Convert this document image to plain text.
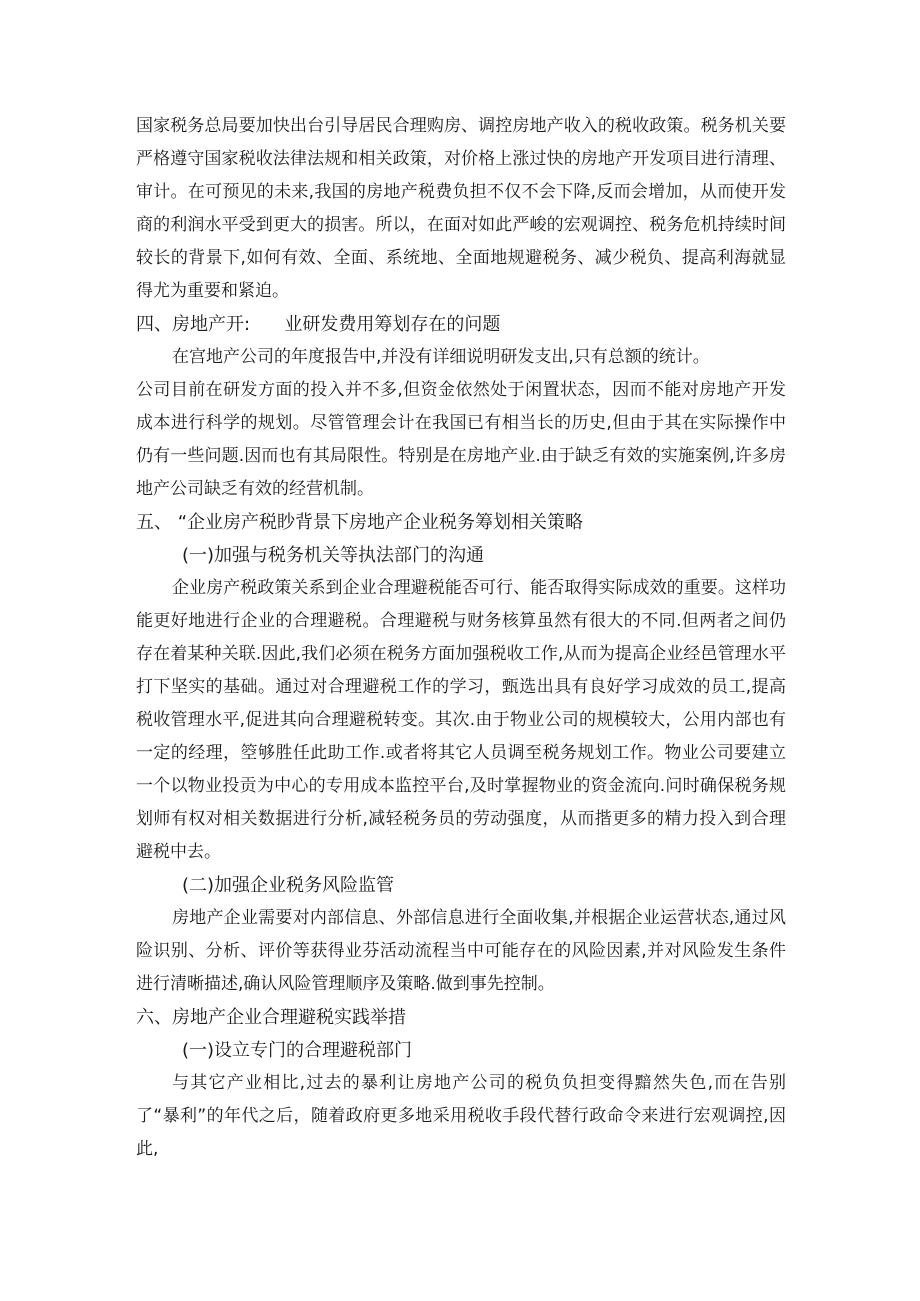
国家税务总局要加快出台引导居民合理购房、调控房地产收入的税收政策。税务机关要严格遵守国家税收法律法规和相关政策，对价格上涨过快的房地产开发项目进行清理、审计。在可预见的未来,我国的房地产税费负担不仅不会下降,反而会增加，从而使开发商的利润水平受到更大的损害。所以，在面对如此严峻的宏观调控、税务危机持续时间较长的背景下,如何有效、全面、系统地、全面地规避税务、减少税负、提高利海就显得尤为重要和紧迫。

四、房地产开:      业研发费用筹划存在的问题

在宫地产公司的年度报告中,并没有详细说明研发支出,只有总额的统计。

公司目前在研发方面的投入并不多,但资金依然处于闲置状态，因而不能对房地产开发成本进行科学的规划。尽管管理会计在我国已有相当长的历史,但由于其在实际操作中仍有一些问题.因而也有其局限性。特别是在房地产业.由于缺乏有效的实施案例,许多房地产公司缺乏有效的经营机制。

五、 “企业房产税眇背景下房地产企业税务筹划相关策略

(一)加强与税务机关等执法部门的沟通

企业房产税政策关系到企业合理避税能否可行、能否取得实际成效的重要。这样功能更好地进行企业的合理避税。合理避税与财务核算虽然有很大的不同.但两者之间仍存在着某种关联.因此,我们必须在税务方面加强税收工作,从而为提高企业经邑管理水平打下坚实的基础。通过对合理避税工作的学习，甄选出具有良好学习成效的员工,提高税收管理水平,促进其向合理避税转变。其次.由于物业公司的规模较大，公用内部也有一定的经理，箜够胜任此助工作.或者将其它人员调至税务规划工作。物业公司要建立一个以物业投贡为中心的专用成本监控平台,及时掌握物业的资金流向.问时确保税务规划师有权对相关数据进行分析,减轻税务员的劳动强度，从而揩更多的精力投入到合理避税中去。

(二)加强企业税务风险监管

房地产企业需要对内部信息、外部信息进行全面收集,并根据企业运营状态,通过风险识别、分析、评价等获得业芬活动流程当中可能存在的风险因素,并对风险发生条件进行清晰描述,确认风险管理顺序及策略.做到事先控制。

六、房地产企业合理避税实践举措

(一)设立专门的合理避税部门

与其它产业相比,过去的暴利让房地产公司的税负负担变得黯然失色,而在告别了“暴利”的年代之后，随着政府更多地采用税收手段代替行政命令来进行宏观调控,因此,
